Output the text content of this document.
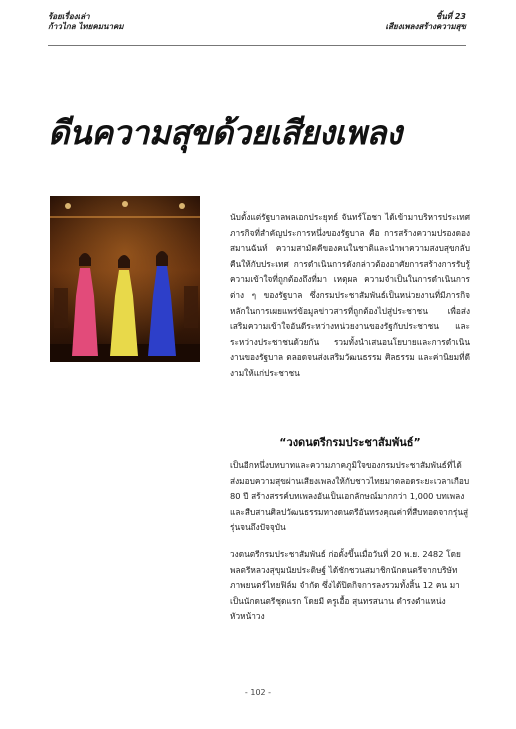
ร้อยเรื่องเล่า
ก้าวไกล ไทยคมนาคม
ชิ้นที่ 23
เสียงเพลงสร้างความสุข
ดีนความสุขด้วยเสียงเพลง

นับตั้งแต่รัฐบาลพลเอกประยุทธ์ จันทร์โอชา ได้เข้ามาบริหารประเทศ ภารกิจที่สำคัญประการหนึ่งของรัฐบาล คือ การสร้างความปรองดองสมานฉันท์ ความสามัคคีของคนในชาติและนำพาความสงบสุขกลับคืนให้กับประเทศ การดำเนินการดังกล่าวต้องอาศัยการสร้างการรับรู้ ความเข้าใจที่ถูกต้องถึงที่มา เหตุผล ความจำเป็นในการดำเนินการต่าง ๆ ของรัฐบาล ซึ่งกรมประชาสัมพันธ์เป็นหน่วยงานที่มีภารกิจหลักในการเผยแพร่ข้อมูลข่าวสารที่ถูกต้องไปสู่ประชาชน เพื่อส่งเสริมความเข้าใจอันดีระหว่างหน่วยงานของรัฐกับประชาชน และระหว่างประชาชนด้วยกัน รวมทั้งนำเสนอนโยบายและการดำเนินงานของรัฐบาล ตลอดจนส่งเสริมวัฒนธรรม ศิลธรรม และค่านิยมที่ดีงามให้แก่ประชาชน

“วงดนตรีกรมประชาสัมพันธ์”

เป็นอีกหนึ่งบทบาทและความภาคภูมิใจของกรมประชาสัมพันธ์ที่ได้ส่งมอบความสุขผ่านเสียงเพลงให้กับชาวไทยมาตลอดระยะเวลาเกือบ 80 ปี สร้างสรรค์บทเพลงอันเป็นเอกลักษณ์มากกว่า 1,000 บทเพลง และสืบสานศิลปวัฒนธรรมทางดนตรีอันทรงคุณค่าที่สืบทอดจากรุ่นสู่รุ่นจนถึงปัจจุบัน

วงดนตรีกรมประชาสัมพันธ์ ก่อตั้งขึ้นเมื่อวันที่ 20 พ.ย. 2482 โดยพลตรีหลวงสุขุมนัยประดิษฐ์ ได้ชักชวนสมาชิกนักดนตรีจากบริษัท ภาพยนตร์ไทยฟิล์ม จำกัด ซึ่งได้ปิดกิจการลงรวมทั้งสิ้น 12 คน มาเป็นนักดนตรีชุดแรก โดยมี ครูเอื้อ สุนทรสนาน ดำรงตำแหน่งหัวหน้าวง

- 102 -
